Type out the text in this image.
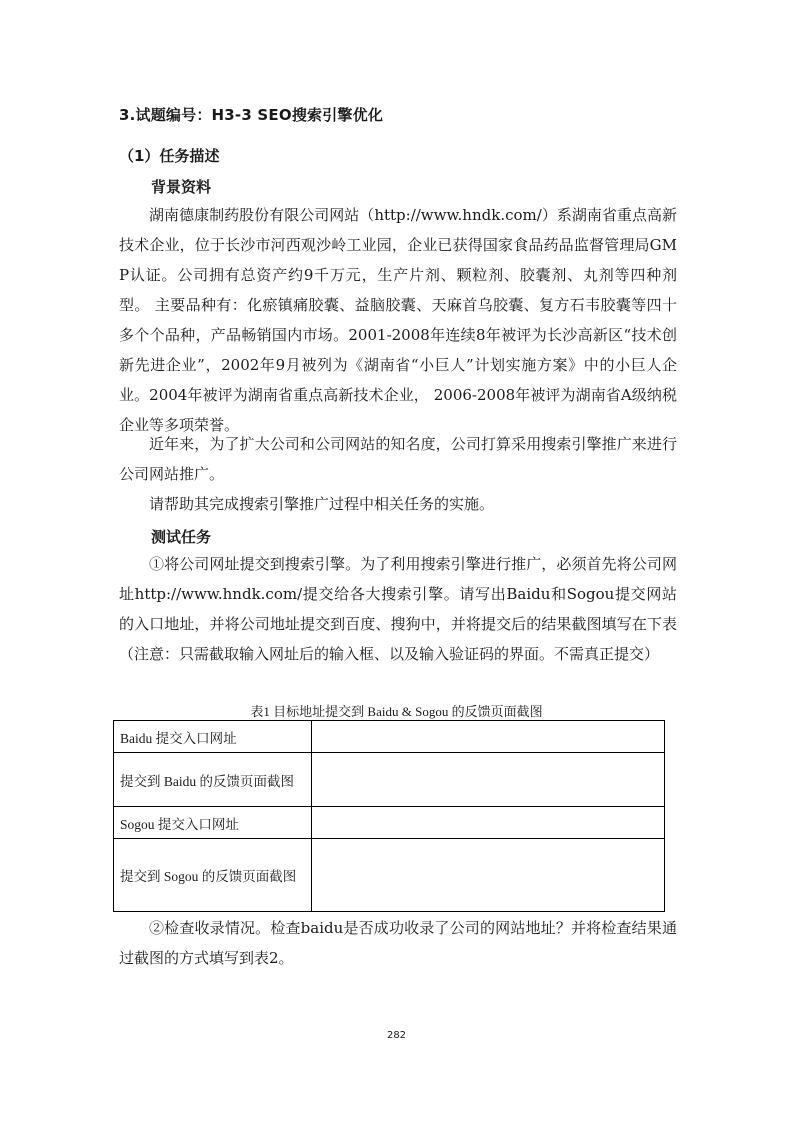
3.试题编号：H3-3 SEO搜索引擎优化
（1）任务描述
背景资料

湖南德康制药股份有限公司网站（http://www.hndk.com/）系湖南省重点高新技术企业，位于长沙市河西观沙岭工业园，企业已获得国家食品药品监督管理局GMP认证。公司拥有总资产约9千万元，生产片剂、颗粒剂、胶囊剂、丸剂等四种剂型。 主要品种有：化瘀镇痛胶囊、益脑胶囊、天麻首乌胶囊、复方石韦胶囊等四十多个个品种，产品畅销国内市场。2001-2008年连续8年被评为长沙高新区“技术创新先进企业”，2002年9月被列为《湖南省“小巨人”计划实施方案》中的小巨人企业。2004年被评为湖南省重点高新技术企业， 2006-2008年被评为湖南省A级纳税企业等多项荣誉。

近年来，为了扩大公司和公司网站的知名度，公司打算采用搜索引擎推广来进行公司网站推广。

请帮助其完成搜索引擎推广过程中相关任务的实施。

测试任务

①将公司网址提交到搜索引擎。为了利用搜索引擎进行推广，必须首先将公司网址http://www.hndk.com/提交给各大搜索引擎。请写出Baidu和Sogou提交网站的入口地址，并将公司地址提交到百度、搜狗中，并将提交后的结果截图填写在下表（注意：只需截取输入网址后的输入框、以及输入验证码的界面。不需真正提交）

表1 目标地址提交到 Baidu & Sogou 的反馈页面截图
Baidu 提交入口网址	
提交到 Baidu 的反馈页面截图	
Sogou 提交入口网址	
提交到 Sogou 的反馈页面截图	

②检查收录情况。检查baidu是否成功收录了公司的网站地址？并将检查结果通过截图的方式填写到表2。

282
